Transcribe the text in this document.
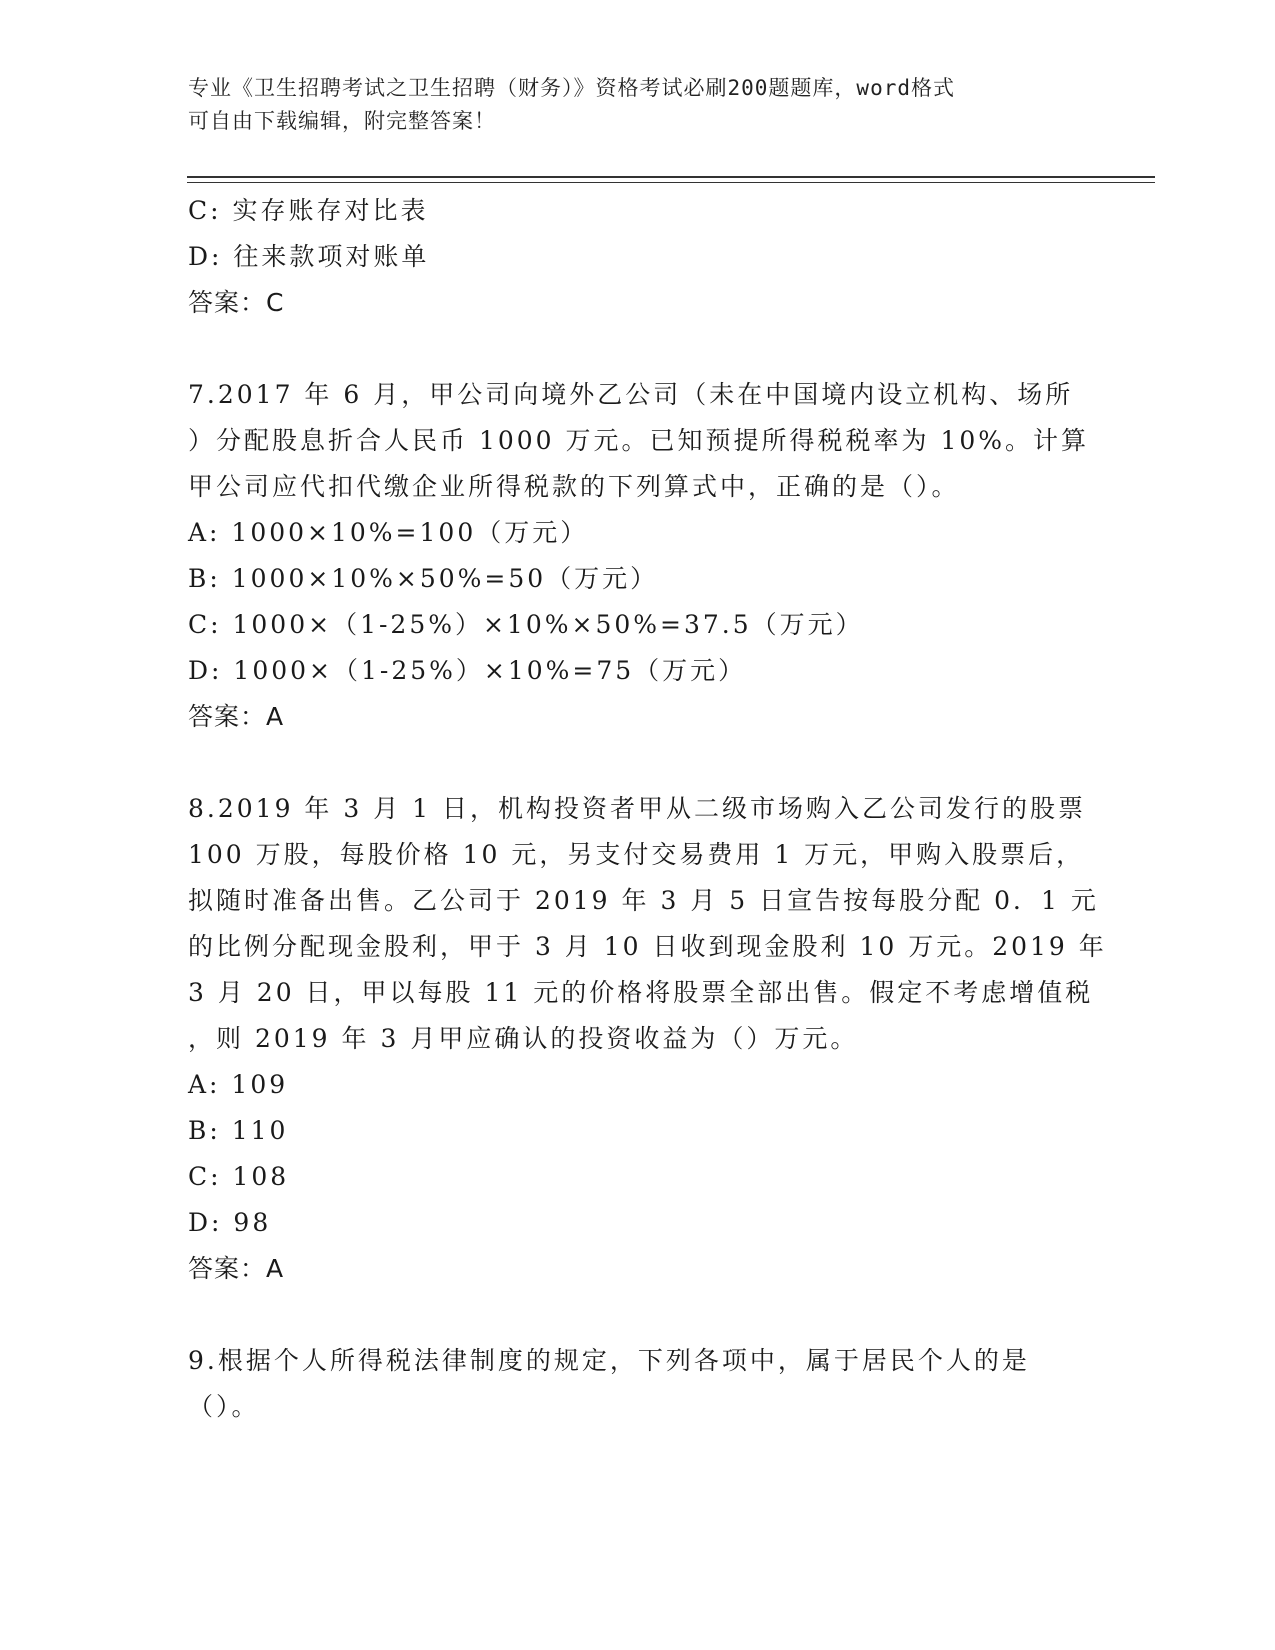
专业《卫生招聘考试之卫生招聘（财务）》资格考试必刷200题题库，word格式
可自由下载编辑，附完整答案！
C: 实存账存对比表
D: 往来款项对账单
答案：C
7.2017 年 6 月，甲公司向境外乙公司（未在中国境内设立机构、场所
）分配股息折合人民币 1000 万元。已知预提所得税税率为 10%。计算
甲公司应代扣代缴企业所得税款的下列算式中，正确的是（）。
A: 1000×10%=100（万元）
B: 1000×10%×50%=50（万元）
C: 1000×（1-25%）×10%×50%=37.5（万元）
D: 1000×（1-25%）×10%=75（万元）
答案：A
8.2019 年 3 月 1 日，机构投资者甲从二级市场购入乙公司发行的股票
100 万股，每股价格 10 元，另支付交易费用 1 万元，甲购入股票后，
拟随时准备出售。乙公司于 2019 年 3 月 5 日宣告按每股分配 0．1 元
的比例分配现金股利，甲于 3 月 10 日收到现金股利 10 万元。2019 年
3 月 20 日，甲以每股 11 元的价格将股票全部出售。假定不考虑增值税
，则 2019 年 3 月甲应确认的投资收益为（）万元。
A: 109
B: 110
C: 108
D: 98
答案：A
9.根据个人所得税法律制度的规定，下列各项中，属于居民个人的是
（）。
